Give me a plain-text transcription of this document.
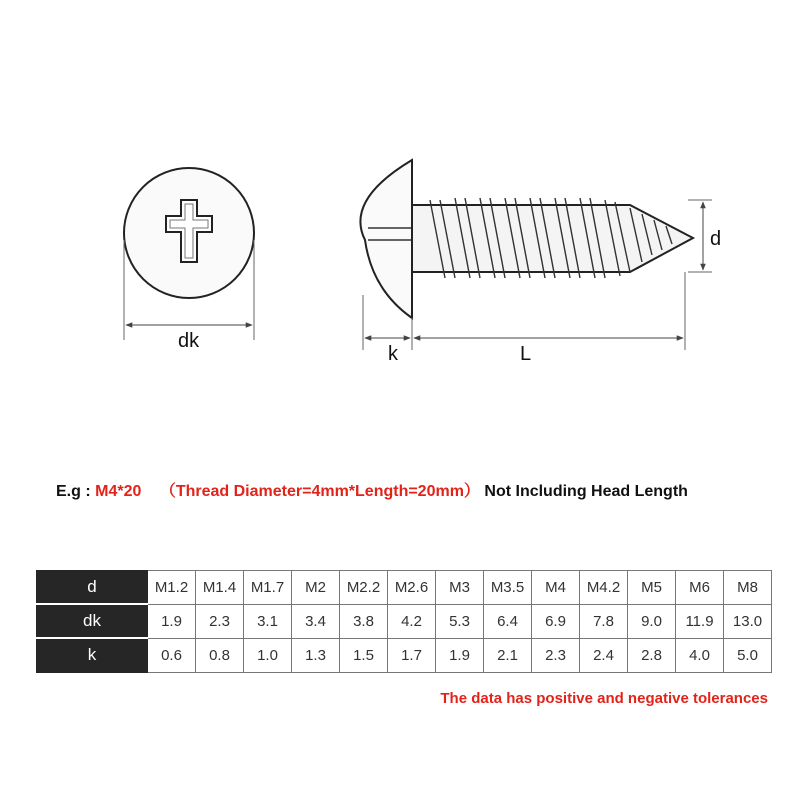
dk
d
k	L
E.g : M4*20 （Thread Diameter=4mm*Length=20mm） Not Including Head Length
d	M1.2	M1.4	M1.7	M2	M2.2	M2.6	M3	M3.5	M4	M4.2	M5	M6	M8
dk	1.9	2.3	3.1	3.4	3.8	4.2	5.3	6.4	6.9	7.8	9.0	11.9	13.0
k	0.6	0.8	1.0	1.3	1.5	1.7	1.9	2.1	2.3	2.4	2.8	4.0	5.0
The data has positive and negative tolerances
